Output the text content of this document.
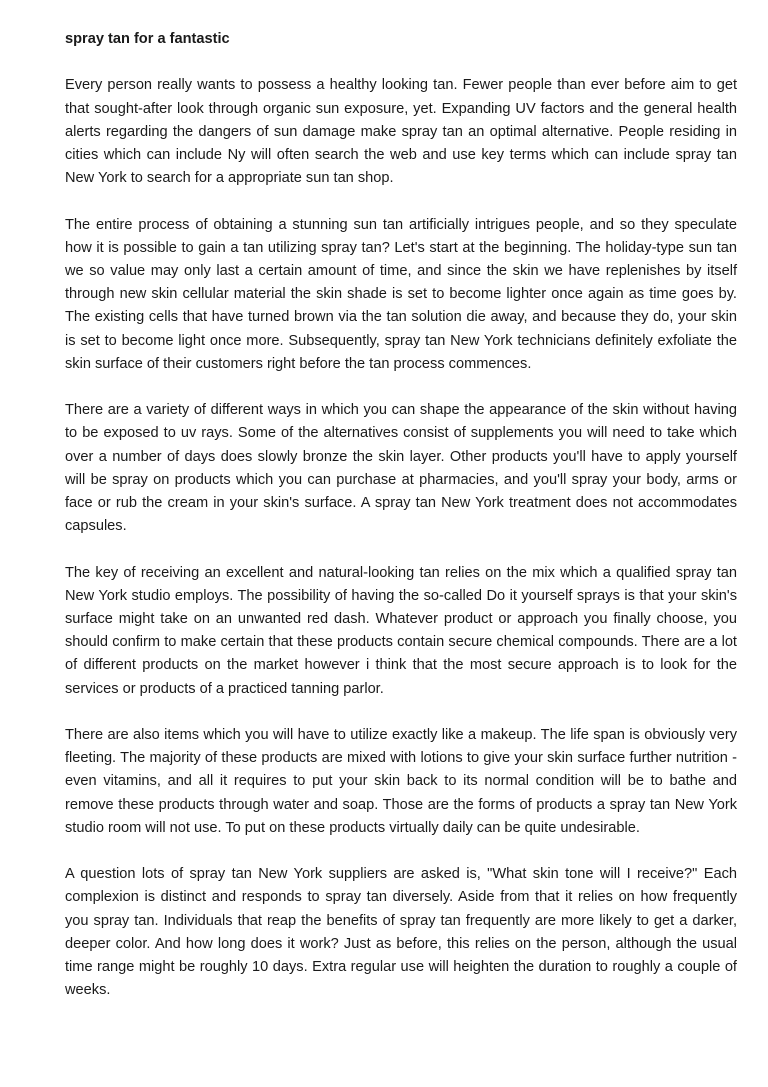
spray tan for a fantastic

Every person really wants to possess a healthy looking tan. Fewer people than ever before aim to get that sought-after look through organic sun exposure, yet. Expanding UV factors and the general health alerts regarding the dangers of sun damage make spray tan an optimal alternative. People residing in cities which can include Ny will often search the web and use key terms which can include spray tan New York to search for a appropriate sun tan shop.

The entire process of obtaining a stunning sun tan artificially intrigues people, and so they speculate how it is possible to gain a tan utilizing spray tan? Let's start at the beginning. The holiday-type sun tan we so value may only last a certain amount of time, and since the skin we have replenishes by itself through new skin cellular material the skin shade is set to become lighter once again as time goes by. The existing cells that have turned brown via the tan solution die away, and because they do, your skin is set to become light once more. Subsequently, spray tan New York technicians definitely exfoliate the skin surface of their customers right before the tan process commences.

There are a variety of different ways in which you can shape the appearance of the skin without having to be exposed to uv rays. Some of the alternatives consist of supplements you will need to take which over a number of days does slowly bronze the skin layer. Other products you'll have to apply yourself will be spray on products which you can purchase at pharmacies, and you'll spray your body, arms or face or rub the cream in your skin's surface. A spray tan New York treatment does not accommodates capsules.

The key of receiving an excellent and natural-looking tan relies on the mix which a qualified spray tan New York studio employs. The possibility of having the so-called Do it yourself sprays is that your skin's surface might take on an unwanted red dash. Whatever product or approach you finally choose, you should confirm to make certain that these products contain secure chemical compounds. There are a lot of different products on the market however i think that the most secure approach is to look for the services or products of a practiced tanning parlor.

There are also items which you will have to utilize exactly like a makeup. The life span is obviously very fleeting. The majority of these products are mixed with lotions to give your skin surface further nutrition - even vitamins, and all it requires to put your skin back to its normal condition will be to bathe and remove these products through water and soap. Those are the forms of products a spray tan New York studio room will not use. To put on these products virtually daily can be quite undesirable.

A question lots of spray tan New York suppliers are asked is, "What skin tone will I receive?" Each complexion is distinct and responds to spray tan diversely. Aside from that it relies on how frequently you spray tan. Individuals that reap the benefits of spray tan frequently are more likely to get a darker, deeper color. And how long does it work? Just as before, this relies on the person, although the usual time range might be roughly 10 days. Extra regular use will heighten the duration to roughly a couple of weeks.
